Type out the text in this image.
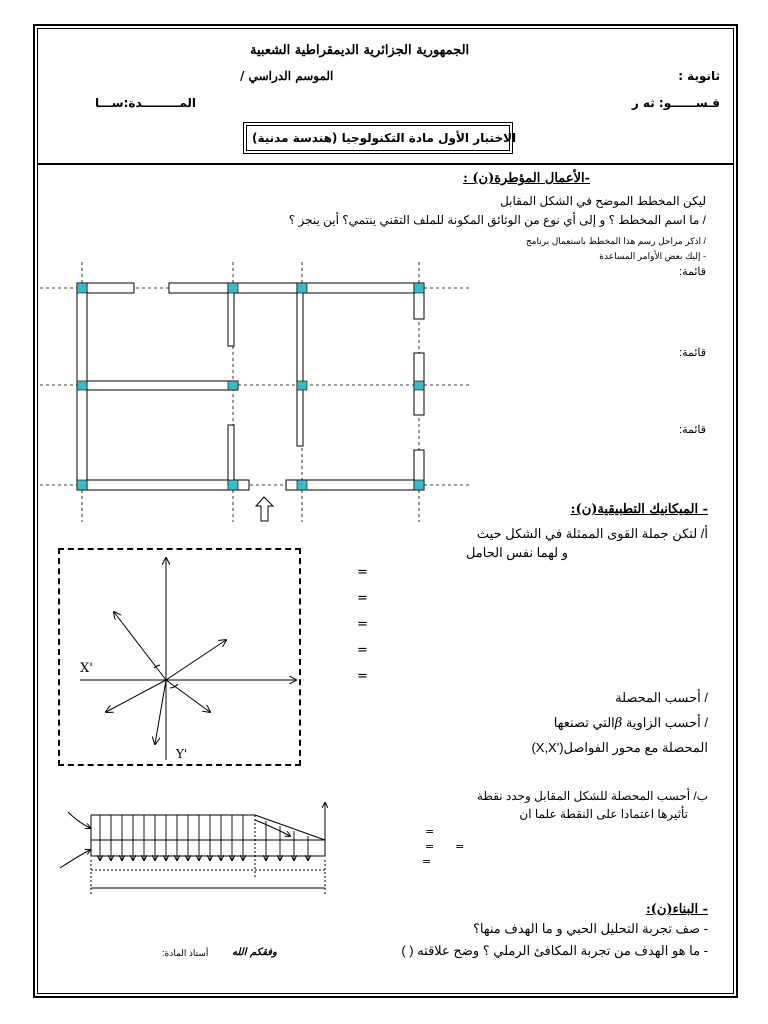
الجمهورية الجزائرية الديمقراطية الشعبية
ثانوية :
الموسم الدراسي /
قـســــــو: ثه ر
المـــــــــدة:ســـا
الاختبار الأول مادة التكنولوجيا (هندسة مدنية)
-الأعمال المؤطرة(ن) :
ليكن المخطط الموضح في الشكل المقابل
/ ما اسم المخطط ؟ و إلى أي نوع من الوثائق المكونة للملف التقني ينتمي؟ أين ينجز ؟
/ اذكر مراحل رسم هذا المخطط باستعمال برنامج
- إليك بعض الأوامر المساعدة
قائمة:
قائمة:
قائمة:
- الميكانيك التطبيقية(ن):
أ/ لتكن جملة القوى الممثلة في الشكل حيث
و لهما نفس الحامل
=
=
=
=
=
/ أحسب المحصلة
/ أحسب الزاوية βالتي تصنعها
المحصلة مع محور الفواصل(X,X')
X'
Y'
ب/ أحسب المحصلة للشكل المقابل وحدد نقطة
تأثيرها اعتمادا على النقطة علما ان
=
= =
=
- البناء(ن):
- صف تجربة التحليل الحبي و ما الهدف منها؟
- ما هو الهدف من تجربة المكافئ الرملي ؟ وضح علاقته ( )
وفقكم الله
أستاذ المادة:
